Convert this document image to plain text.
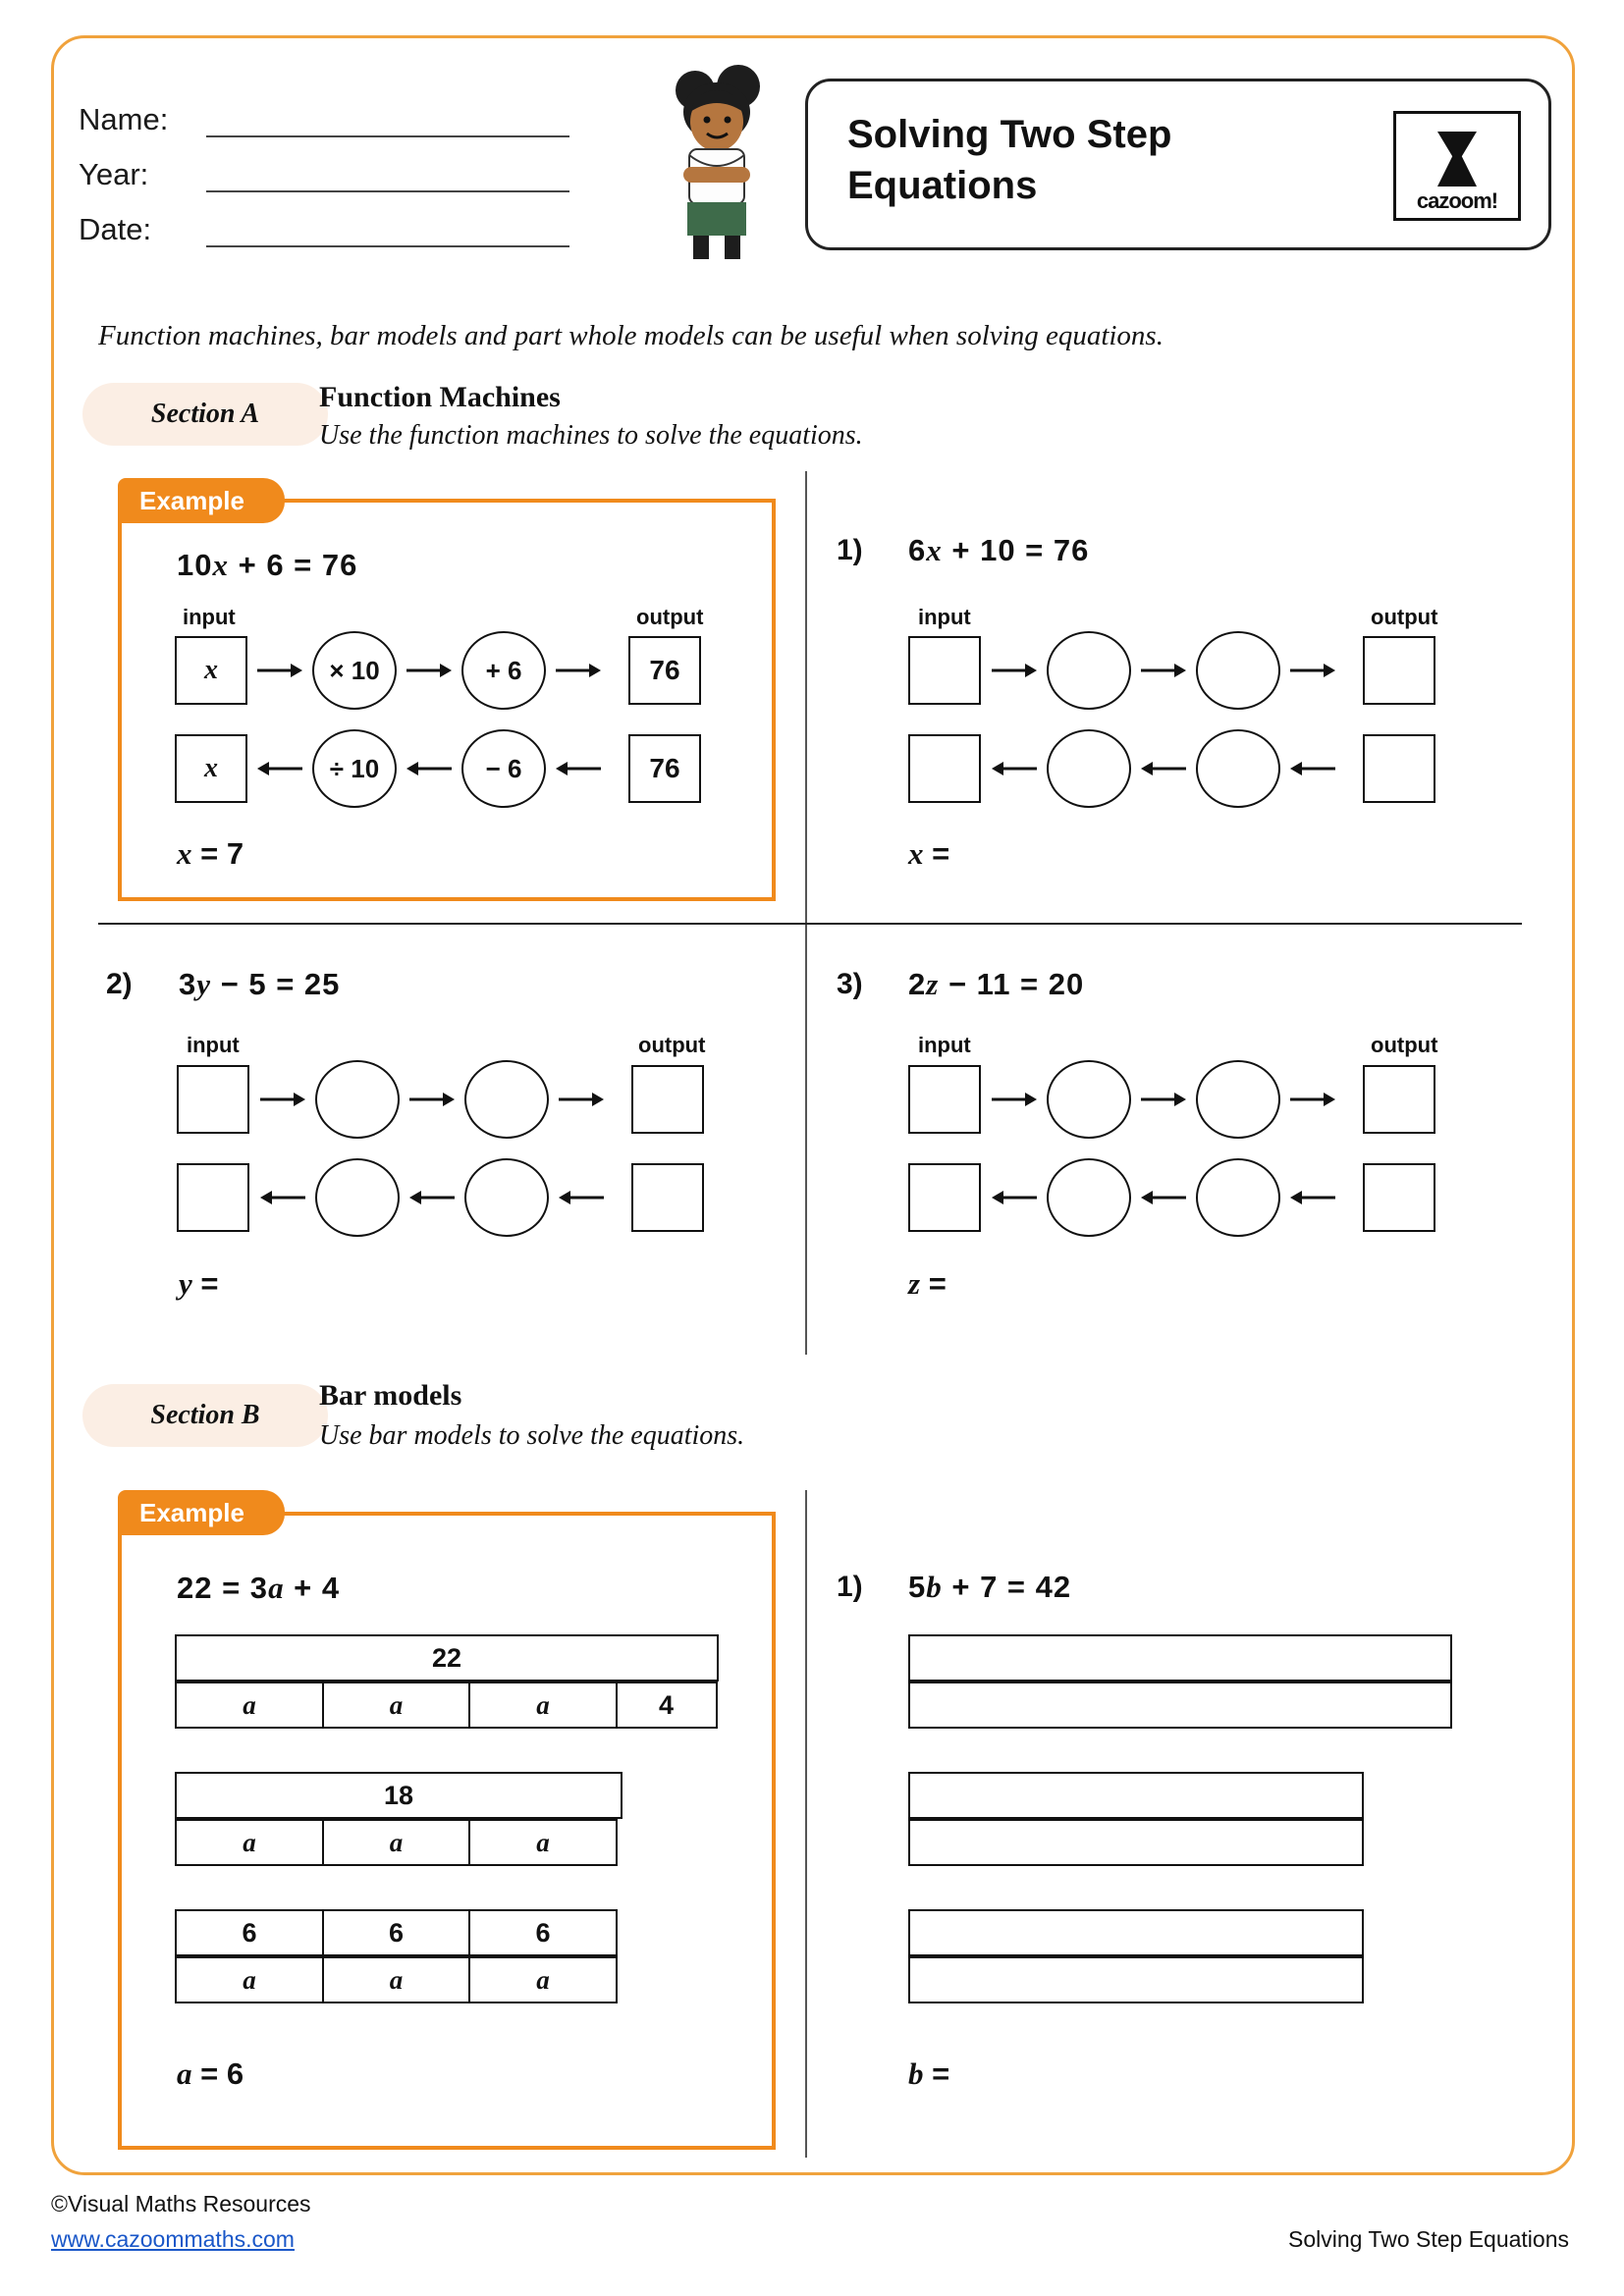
Name:
Year:
Date:
Solving Two Step Equations	cazoom!
Function machines, bar models and part whole models can be useful when solving equations.
Section A
Function Machines
Use the function machines to solve the equations.
Example
10x + 6 = 76
input	output
x	× 10	+ 6	76
x	÷ 10	− 6	76
x = 7
1) 6x + 10 = 76
input	output
x =
2) 3y − 5 = 25
input	output
y =
3) 2z − 11 = 20
input	output
z =
Section B
Bar models
Use bar models to solve the equations.
Example
22 = 3a + 4
22
a	a	a	4
18
a	a	a
6	6	6
a	a	a
a = 6
1) 5b + 7 = 42
b =
©Visual Maths Resources
www.cazoommaths.com	Solving Two Step Equations
